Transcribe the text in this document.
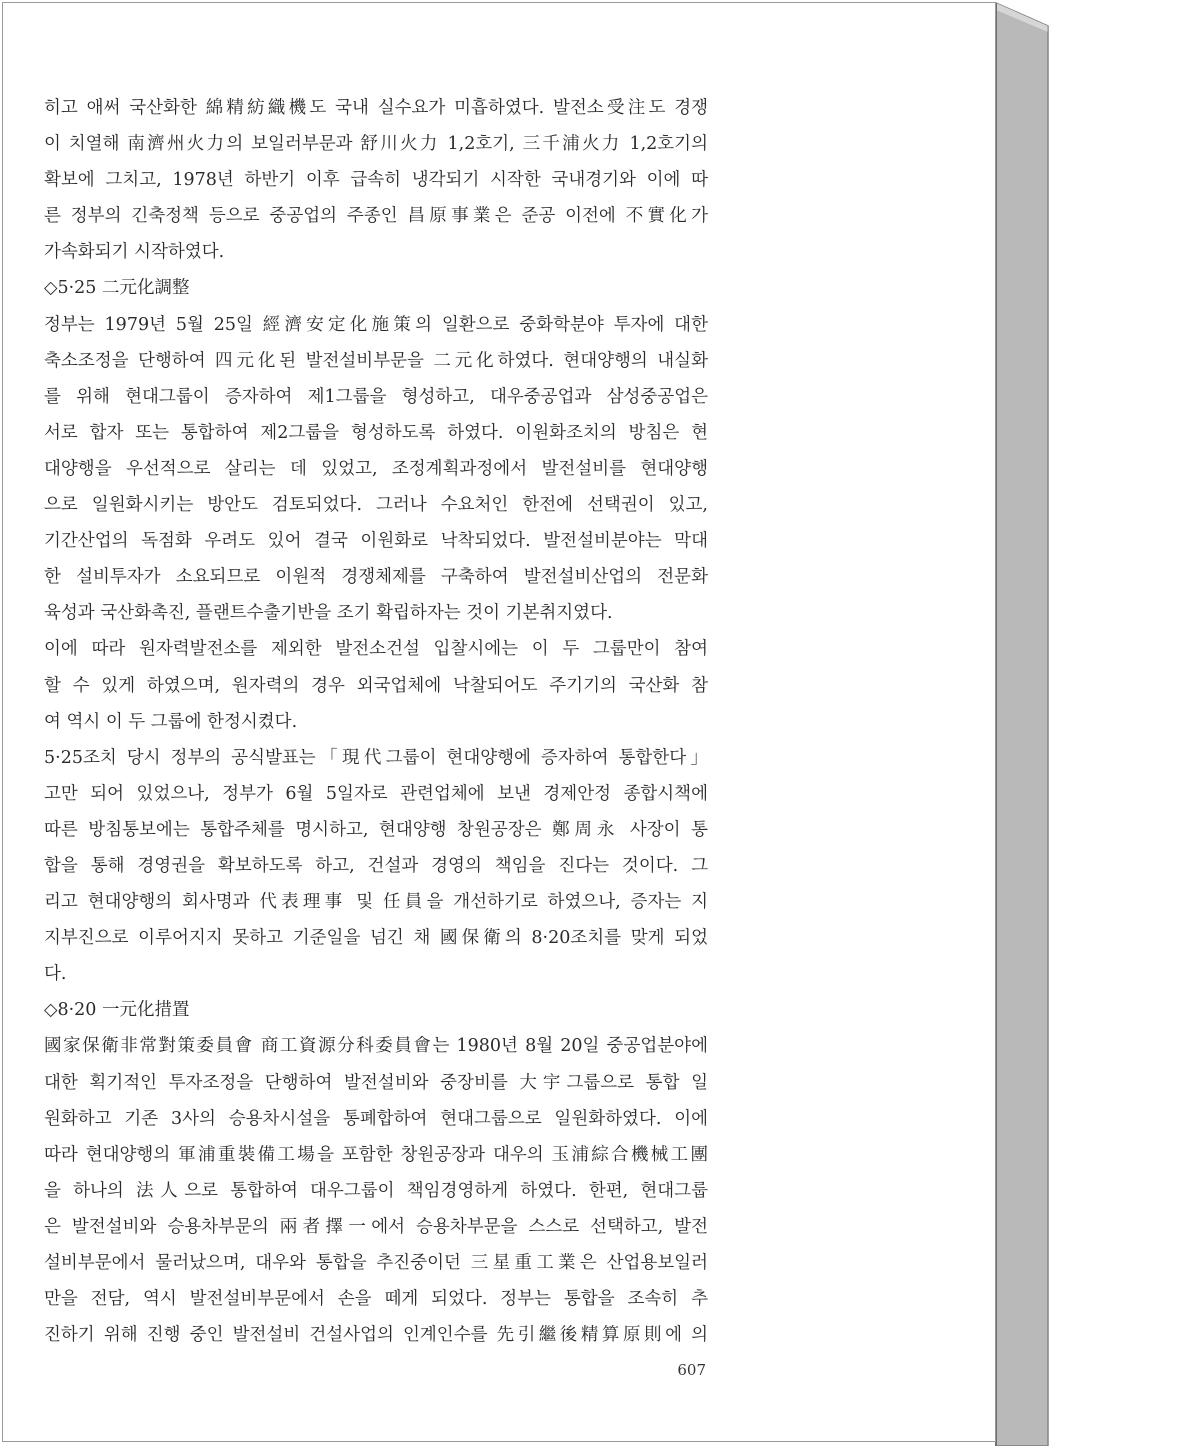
히고 애써 국산화한 綿精紡織機도 국내 실수요가 미흡하였다. 발전소受注도 경쟁
이 치열해 南濟州火力의 보일러부문과 舒川火力 1,2호기, 三千浦火力 1,2호기의
확보에 그치고, 1978년 하반기 이후 급속히 냉각되기 시작한 국내경기와 이에 따
른 정부의 긴축정책 등으로 중공업의 주종인 昌原事業은 준공 이전에 不實化가
가속화되기 시작하였다.
◇5·25 二元化調整
정부는 1979년 5월 25일 經濟安定化施策의 일환으로 중화학분야 투자에 대한
축소조정을 단행하여 四元化된 발전설비부문을 二元化하였다. 현대양행의 내실화
를 위해 현대그룹이 증자하여 제1그룹을 형성하고, 대우중공업과 삼성중공업은
서로 합자 또는 통합하여 제2그룹을 형성하도록 하였다. 이원화조치의 방침은 현
대양행을 우선적으로 살리는 데 있었고, 조정계획과정에서 발전설비를 현대양행
으로 일원화시키는 방안도 검토되었다. 그러나 수요처인 한전에 선택권이 있고,
기간산업의 독점화 우려도 있어 결국 이원화로 낙착되었다. 발전설비분야는 막대
한 설비투자가 소요되므로 이원적 경쟁체제를 구축하여 발전설비산업의 전문화
육성과 국산화촉진, 플랜트수출기반을 조기 확립하자는 것이 기본취지였다.
이에 따라 원자력발전소를 제외한 발전소건설 입찰시에는 이 두 그룹만이 참여
할 수 있게 하였으며, 원자력의 경우 외국업체에 낙찰되어도 주기기의 국산화 참
여 역시 이 두 그룹에 한정시켰다.
5·25조치 당시 정부의 공식발표는「現代그룹이 현대양행에 증자하여 통합한다」
고만 되어 있었으나, 정부가 6월 5일자로 관련업체에 보낸 경제안정 종합시책에
따른 방침통보에는 통합주체를 명시하고, 현대양행 창원공장은 鄭周永 사장이 통
합을 통해 경영권을 확보하도록 하고, 건설과 경영의 책임을 진다는 것이다. 그
리고 현대양행의 회사명과 代表理事 및 任員을 개선하기로 하였으나, 증자는 지
지부진으로 이루어지지 못하고 기준일을 넘긴 채 國保衛의 8·20조치를 맞게 되었
다.
◇8·20 一元化措置
國家保衛非常對策委員會 商工資源分科委員會는 1980년 8월 20일 중공업분야에
대한 획기적인 투자조정을 단행하여 발전설비와 중장비를 大宇그룹으로 통합 일
원화하고 기존 3사의 승용차시설을 통폐합하여 현대그룹으로 일원화하였다. 이에
따라 현대양행의 軍浦重裝備工場을 포함한 창원공장과 대우의 玉浦綜合機械工團
을 하나의 法人으로 통합하여 대우그룹이 책임경영하게 하였다. 한편, 현대그룹
은 발전설비와 승용차부문의 兩者擇一에서 승용차부문을 스스로 선택하고, 발전
설비부문에서 물러났으며, 대우와 통합을 추진중이던 三星重工業은 산업용보일러
만을 전담, 역시 발전설비부문에서 손을 떼게 되었다. 정부는 통합을 조속히 추
진하기 위해 진행 중인 발전설비 건설사업의 인계인수를 先引繼後精算原則에 의
607
